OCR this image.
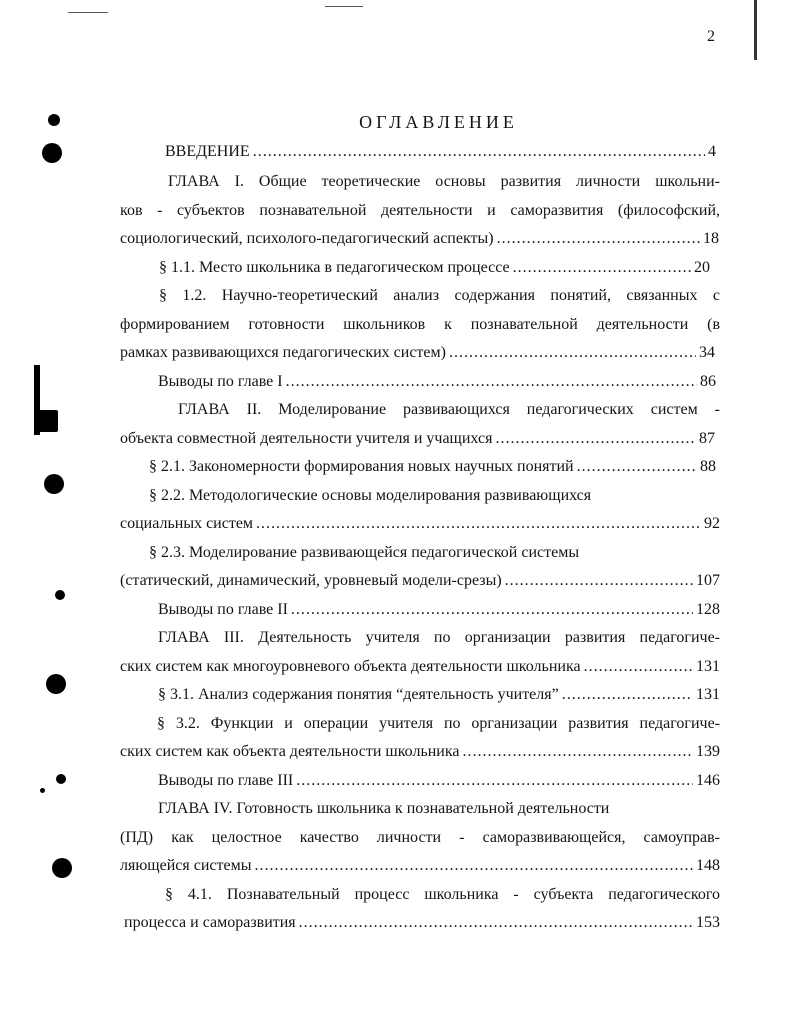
2
ОГЛАВЛЕНИЕ
ВВЕДЕНИЕ .....	4
ГЛАВА I. Общие теоретические основы развития личности школьни-
ков - субъектов познавательной деятельности и саморазвития (философский,
социологический, психолого-педагогический аспекты) .....	18
§ 1.1. Место школьника в педагогическом процессе .....	20
§ 1.2. Научно-теоретический анализ содержания понятий, связанных с
формированием готовности школьников к познавательной деятельности (в
рамках развивающихся педагогических систем) .....	34
Выводы по главе I .....	86
ГЛАВА II. Моделирование развивающихся педагогических систем -
объекта совместной деятельности учителя и учащихся .....	87
§ 2.1. Закономерности формирования новых научных понятий .....	88
§ 2.2. Методологические основы моделирования развивающихся
социальных систем .....	92
§ 2.3. Моделирование развивающейся педагогической системы
(статический, динамический, уровневый модели-срезы) .....	107
Выводы по главе II .....	128
ГЛАВА III. Деятельность учителя по организации развития педагогиче-
ских систем как многоуровневого объекта деятельности школьника .....	131
§ 3.1. Анализ содержания понятия “деятельность учителя” .....	131
§ 3.2. Функции и операции учителя по организации развития педагогиче-
ских систем как объекта деятельности школьника .....	139
Выводы по главе III .....	146
ГЛАВА IV. Готовность школьника к познавательной деятельности
(ПД) как целостное качество личности - саморазвивающейся, самоуправ-
ляющейся системы .....	148
§ 4.1. Познавательный процесс школьника - субъекта педагогического
процесса и саморазвития .....	153
